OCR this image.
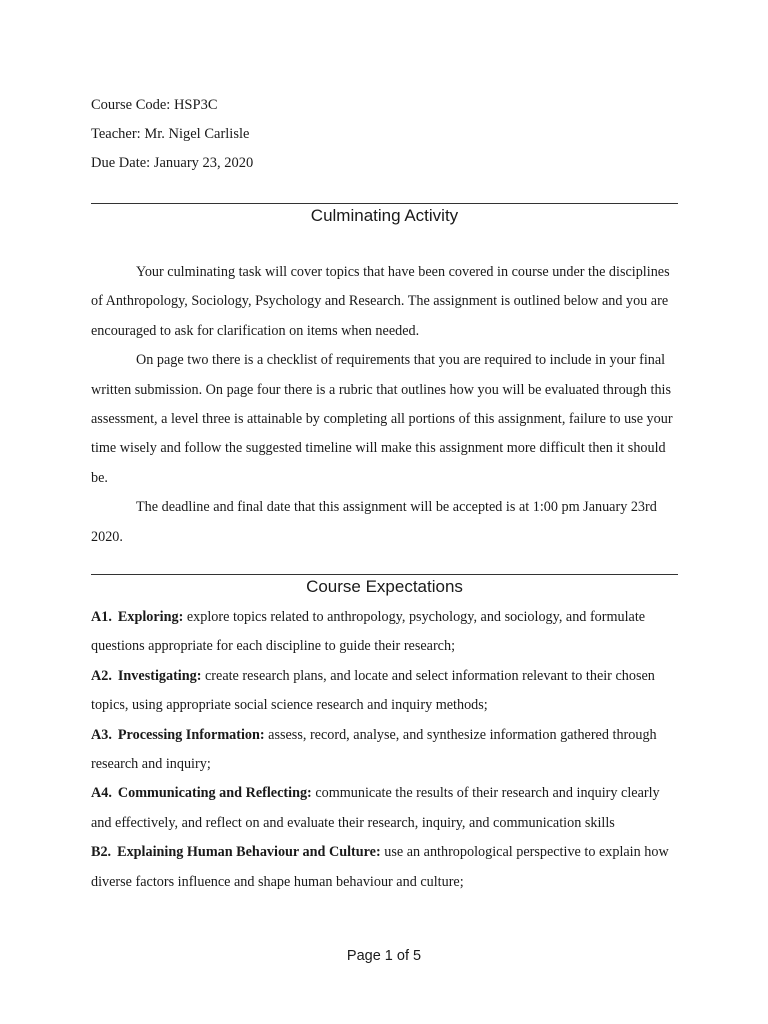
Course Code: HSP3C
Teacher: Mr. Nigel Carlisle
Due Date: January 23, 2020
Culminating Activity

Your culminating task will cover topics that have been covered in course under the disciplines of Anthropology, Sociology, Psychology and Research. The assignment is outlined below and you are encouraged to ask for clarification on items when needed.

On page two there is a checklist of requirements that you are required to include in your final written submission. On page four there is a rubric that outlines how you will be evaluated through this assessment, a level three is attainable by completing all portions of this assignment, failure to use your time wisely and follow the suggested timeline will make this assignment more difficult then it should be.

The deadline and final date that this assignment will be accepted is at 1:00 pm January 23rd 2020.

Course Expectations

A1. Exploring: explore topics related to anthropology, psychology, and sociology, and formulate questions appropriate for each discipline to guide their research;

A2. Investigating: create research plans, and locate and select information relevant to their chosen topics, using appropriate social science research and inquiry methods;

A3. Processing Information: assess, record, analyse, and synthesize information gathered through research and inquiry;

A4. Communicating and Reflecting: communicate the results of their research and inquiry clearly and effectively, and reflect on and evaluate their research, inquiry, and communication skills

B2. Explaining Human Behaviour and Culture: use an anthropological perspective to explain how diverse factors influence and shape human behaviour and culture;

Page 1 of 5
